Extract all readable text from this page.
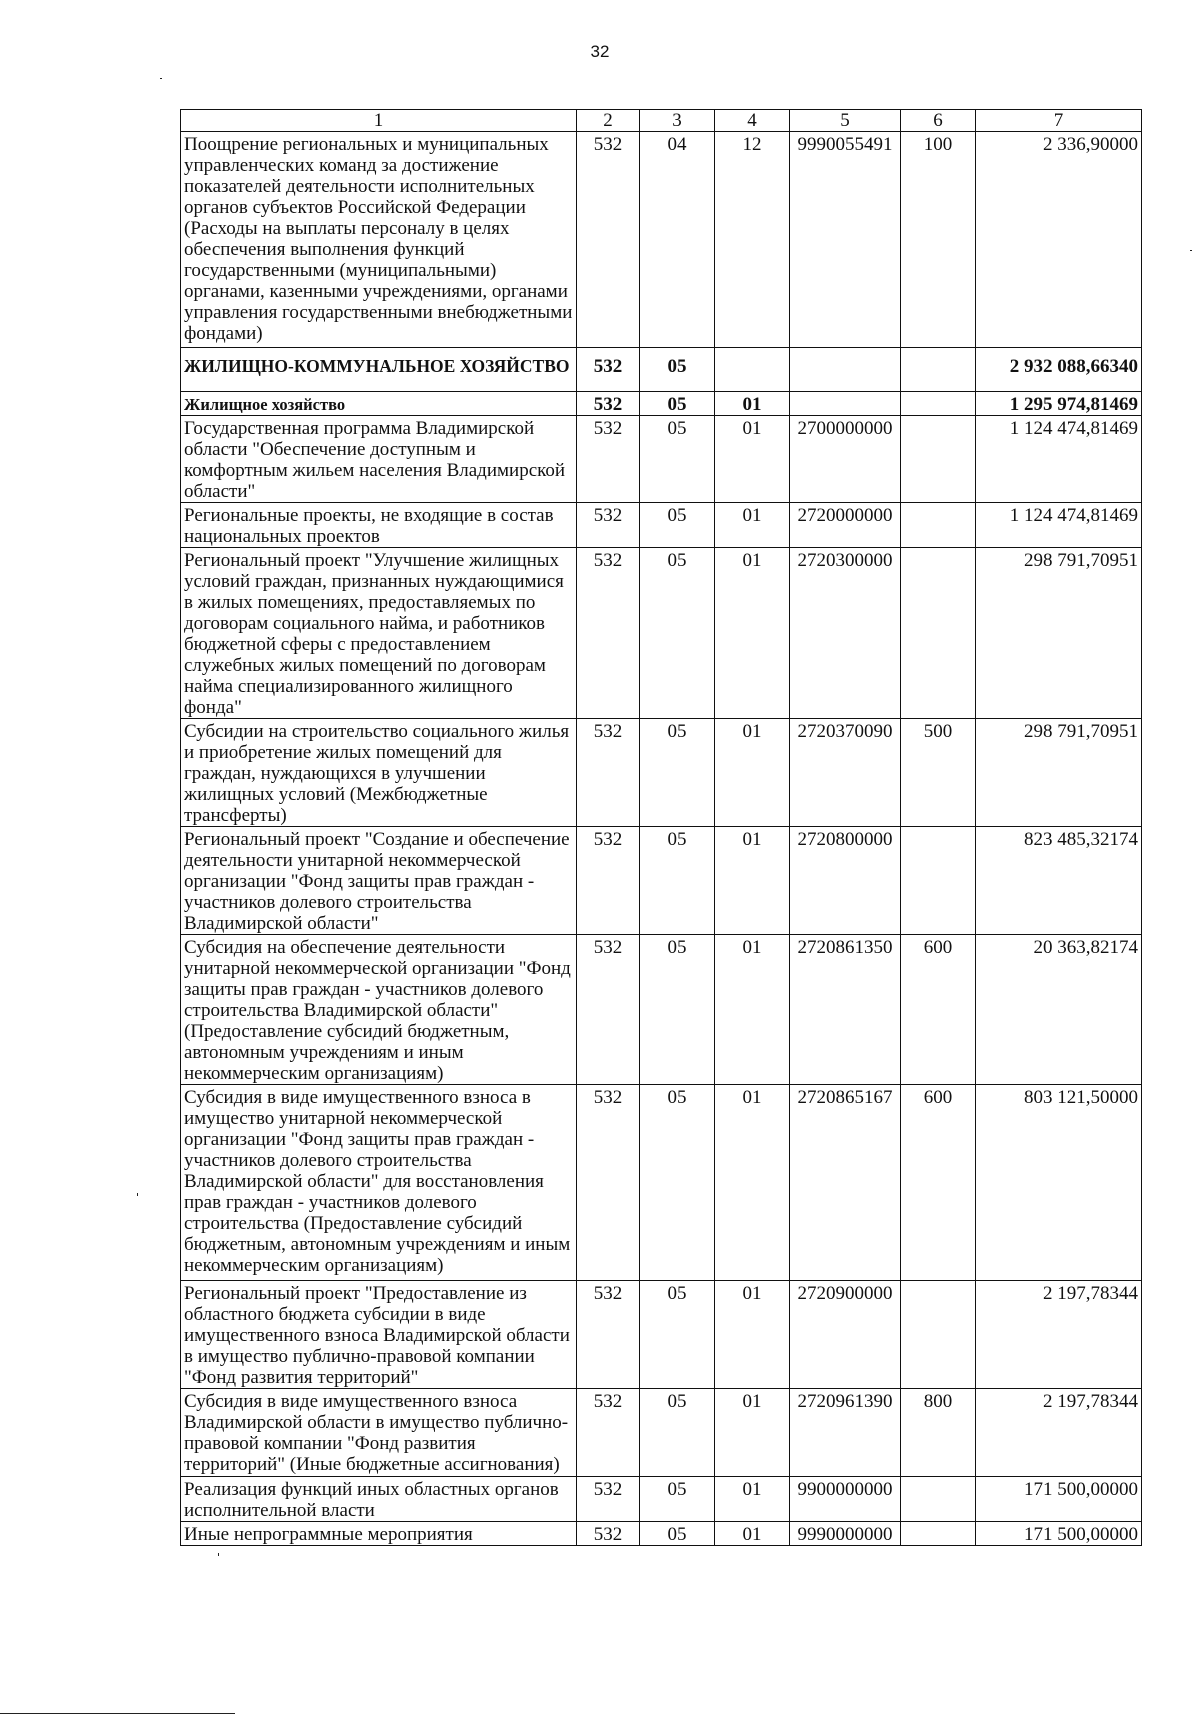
32
1	2	3	4	5	6	7
Поощрение региональных и муниципальных управленческих команд за достижение показателей деятельности исполнительных органов субъектов Российской Федерации (Расходы на выплаты персоналу в целях обеспечения выполнения функций государственными (муниципальными) органами, казенными учреждениями, органами управления государственными внебюджетными фондами)	532	04	12	9990055491	100	2 336,90000
ЖИЛИЩНО-КОММУНАЛЬНОЕ ХОЗЯЙСТВО	532	05				2 932 088,66340
Жилищное хозяйство	532	05	01			1 295 974,81469
Государственная программа Владимирской области "Обеспечение доступным и комфортным жильем населения Владимирской области"	532	05	01	2700000000		1 124 474,81469
Региональные проекты, не входящие в состав национальных проектов	532	05	01	2720000000		1 124 474,81469
Региональный проект "Улучшение жилищных условий граждан, признанных нуждающимися в жилых помещениях, предоставляемых по договорам социального найма, и работников бюджетной сферы с предоставлением служебных жилых помещений по договорам найма специализированного жилищного фонда"	532	05	01	2720300000		298 791,70951
Субсидии на строительство социального жилья и приобретение жилых помещений для граждан, нуждающихся в улучшении жилищных условий (Межбюджетные трансферты)	532	05	01	2720370090	500	298 791,70951
Региональный проект "Создание и обеспечение деятельности унитарной некоммерческой организации "Фонд защиты прав граждан - участников долевого строительства Владимирской области"	532	05	01	2720800000		823 485,32174
Субсидия на обеспечение деятельности унитарной некоммерческой организации "Фонд защиты прав граждан - участников долевого строительства Владимирской области" (Предоставление субсидий бюджетным, автономным учреждениям и иным некоммерческим организациям)	532	05	01	2720861350	600	20 363,82174
Субсидия в виде имущественного взноса в имущество унитарной некоммерческой организации "Фонд защиты прав граждан - участников долевого строительства Владимирской области" для восстановления прав граждан - участников долевого строительства (Предоставление субсидий бюджетным, автономным учреждениям и иным некоммерческим организациям)	532	05	01	2720865167	600	803 121,50000
Региональный проект "Предоставление из областного бюджета субсидии в виде имущественного взноса Владимирской области в имущество публично-правовой компании "Фонд развития территорий"	532	05	01	2720900000		2 197,78344
Субсидия в виде имущественного взноса Владимирской области в имущество публично-правовой компании "Фонд развития территорий" (Иные бюджетные ассигнования)	532	05	01	2720961390	800	2 197,78344
Реализация функций иных областных органов исполнительной власти	532	05	01	9900000000		171 500,00000
Иные непрограммные мероприятия	532	05	01	9990000000		171 500,00000
